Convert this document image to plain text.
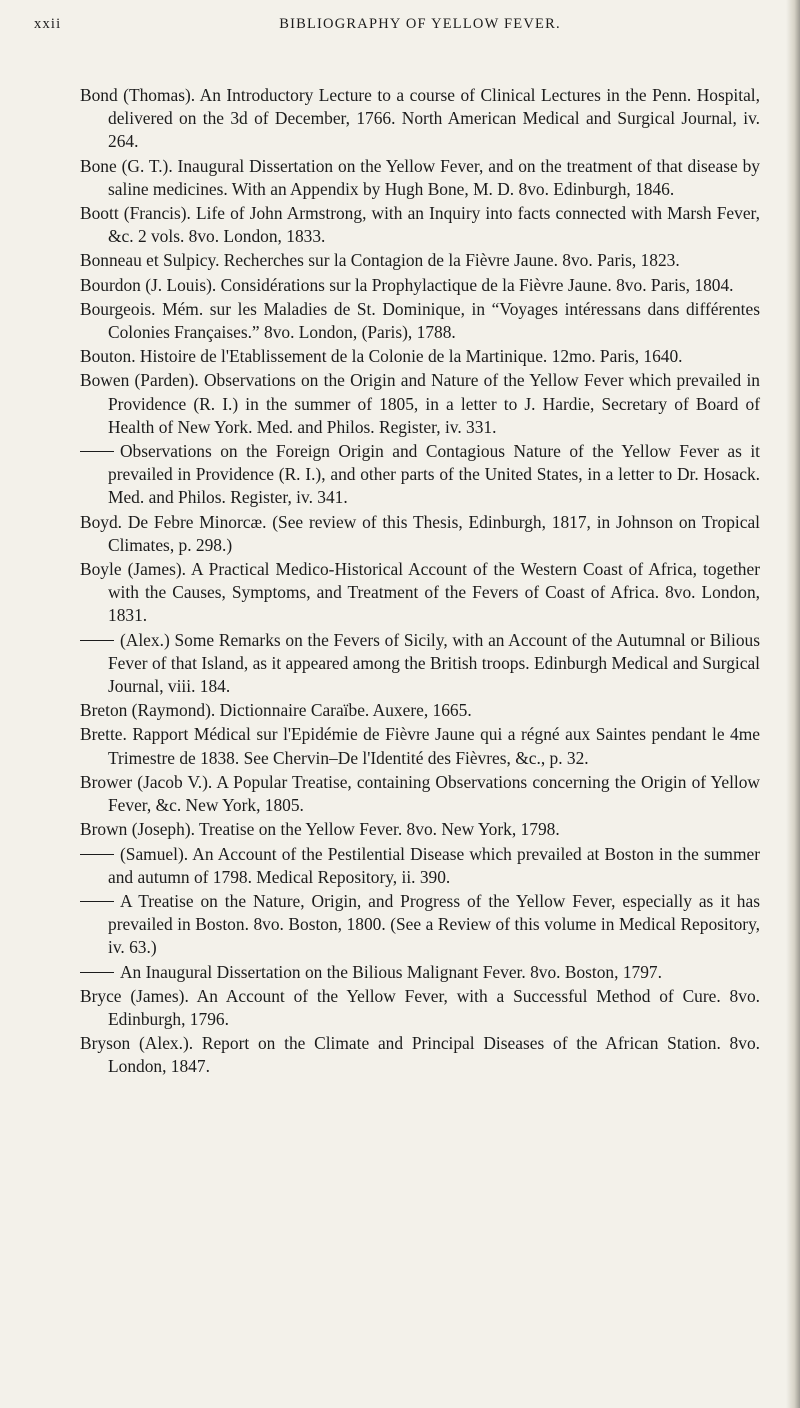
xxii	BIBLIOGRAPHY OF YELLOW FEVER.

Bond (Thomas). An Introductory Lecture to a course of Clinical Lectures in the Penn. Hospital, delivered on the 3d of December, 1766. North American Medical and Surgical Journal, iv. 264.

Bone (G. T.). Inaugural Dissertation on the Yellow Fever, and on the treatment of that disease by saline medicines. With an Appendix by Hugh Bone, M. D. 8vo. Edinburgh, 1846.

Boott (Francis). Life of John Armstrong, with an Inquiry into facts connected with Marsh Fever, &c. 2 vols. 8vo. London, 1833.

Bonneau et Sulpicy. Recherches sur la Contagion de la Fièvre Jaune. 8vo. Paris, 1823.

Bourdon (J. Louis). Considérations sur la Prophylactique de la Fièvre Jaune. 8vo. Paris, 1804.

Bourgeois. Mém. sur les Maladies de St. Dominique, in “Voyages intéressans dans différentes Colonies Françaises.” 8vo. London, (Paris), 1788.

Bouton. Histoire de l'Etablissement de la Colonie de la Martinique. 12mo. Paris, 1640.

Bowen (Parden). Observations on the Origin and Nature of the Yellow Fever which prevailed in Providence (R. I.) in the summer of 1805, in a letter to J. Hardie, Secretary of Board of Health of New York. Med. and Philos. Register, iv. 331.

Observations on the Foreign Origin and Contagious Nature of the Yellow Fever as it prevailed in Providence (R. I.), and other parts of the United States, in a letter to Dr. Hosack. Med. and Philos. Register, iv. 341.

Boyd. De Febre Minorcæ. (See review of this Thesis, Edinburgh, 1817, in Johnson on Tropical Climates, p. 298.)

Boyle (James). A Practical Medico-Historical Account of the Western Coast of Africa, together with the Causes, Symptoms, and Treatment of the Fevers of Coast of Africa. 8vo. London, 1831.

(Alex.) Some Remarks on the Fevers of Sicily, with an Account of the Autumnal or Bilious Fever of that Island, as it appeared among the British troops. Edinburgh Medical and Surgical Journal, viii. 184.

Breton (Raymond). Dictionnaire Caraïbe. Auxere, 1665.

Brette. Rapport Médical sur l'Epidémie de Fièvre Jaune qui a régné aux Saintes pendant le 4me Trimestre de 1838. See Chervin–De l'Identité des Fièvres, &c., p. 32.

Brower (Jacob V.). A Popular Treatise, containing Observations concerning the Origin of Yellow Fever, &c. New York, 1805.

Brown (Joseph). Treatise on the Yellow Fever. 8vo. New York, 1798.

(Samuel). An Account of the Pestilential Disease which prevailed at Boston in the summer and autumn of 1798. Medical Repository, ii. 390.

A Treatise on the Nature, Origin, and Progress of the Yellow Fever, especially as it has prevailed in Boston. 8vo. Boston, 1800. (See a Review of this volume in Medical Repository, iv. 63.)

An Inaugural Dissertation on the Bilious Malignant Fever. 8vo. Boston, 1797.

Bryce (James). An Account of the Yellow Fever, with a Successful Method of Cure. 8vo. Edinburgh, 1796.

Bryson (Alex.). Report on the Climate and Principal Diseases of the African Station. 8vo. London, 1847.
